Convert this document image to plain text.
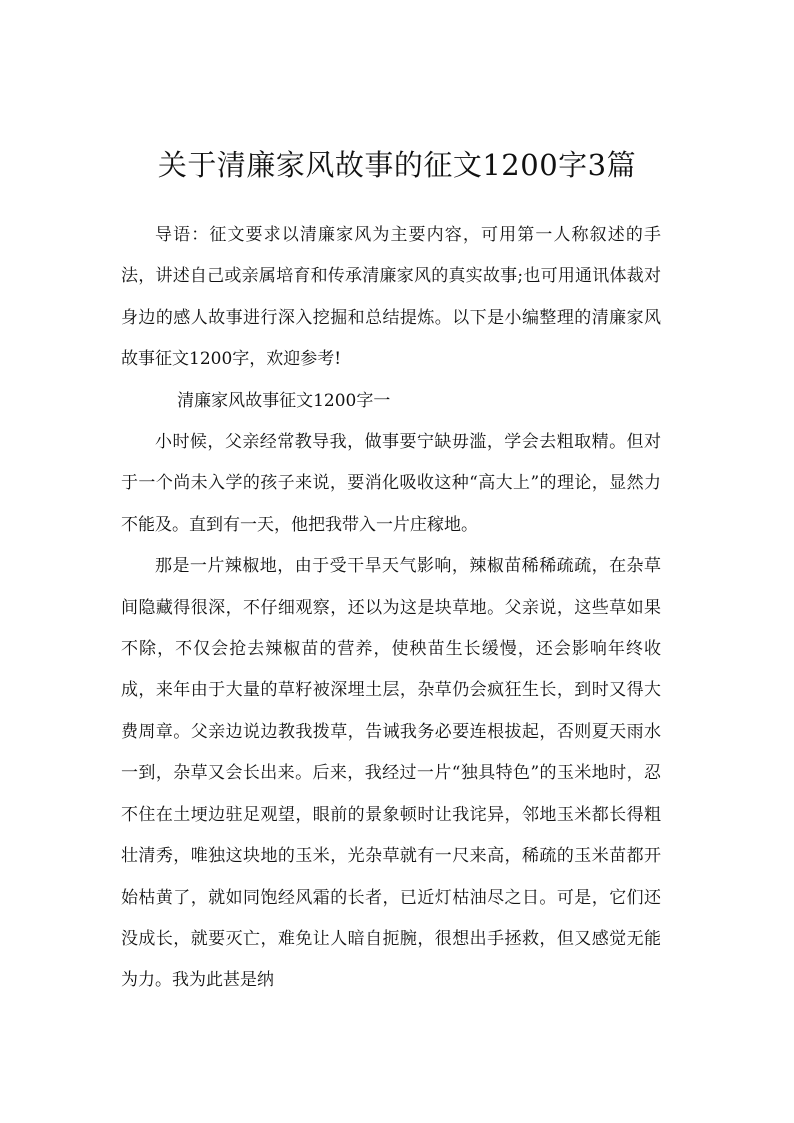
关于清廉家风故事的征文1200字3篇

导语：征文要求以清廉家风为主要内容，可用第一人称叙述的手法，讲述自己或亲属培育和传承清廉家风的真实故事;也可用通讯体裁对身边的感人故事进行深入挖掘和总结提炼。以下是小编整理的清廉家风故事征文1200字，欢迎参考!

清廉家风故事征文1200字一

小时候，父亲经常教导我，做事要宁缺毋滥，学会去粗取精。但对于一个尚未入学的孩子来说，要消化吸收这种“高大上”的理论，显然力不能及。直到有一天，他把我带入一片庄稼地。

那是一片辣椒地，由于受干旱天气影响，辣椒苗稀稀疏疏，在杂草间隐藏得很深，不仔细观察，还以为这是块草地。父亲说，这些草如果不除，不仅会抢去辣椒苗的营养，使秧苗生长缓慢，还会影响年终收成，来年由于大量的草籽被深埋土层，杂草仍会疯狂生长，到时又得大费周章。父亲边说边教我拨草，告诫我务必要连根拔起，否则夏天雨水一到，杂草又会长出来。后来，我经过一片“独具特色”的玉米地时，忍不住在土埂边驻足观望，眼前的景象顿时让我诧异，邻地玉米都长得粗壮清秀，唯独这块地的玉米，光杂草就有一尺来高，稀疏的玉米苗都开始枯黄了，就如同饱经风霜的长者，已近灯枯油尽之日。可是，它们还没成长，就要灭亡，难免让人暗自扼腕，很想出手拯救，但又感觉无能为力。我为此甚是纳
